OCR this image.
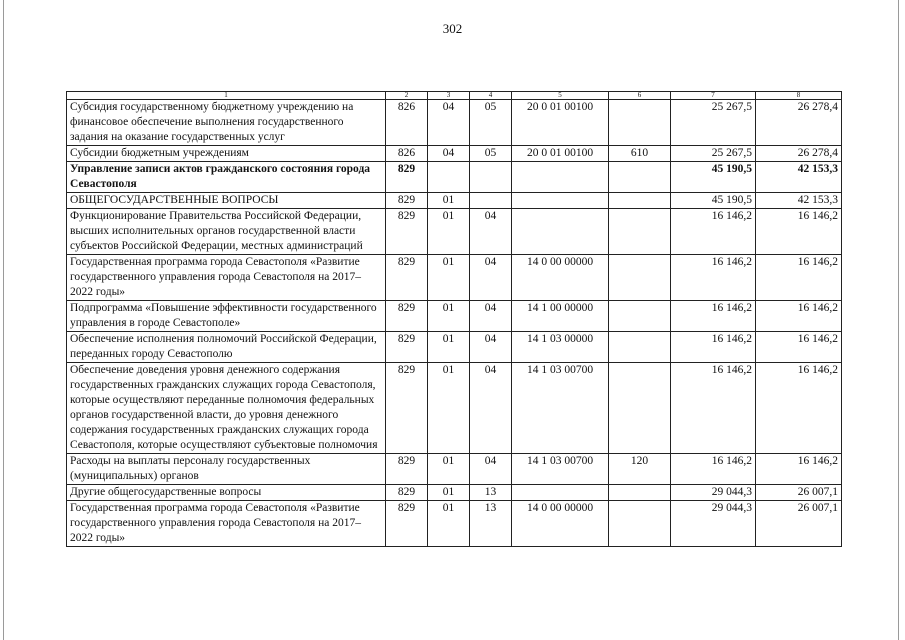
302
1	2	3	4	5	6	7	8
Субсидия государственному бюджетному учреждению на финансовое обеспечение выполнения государственного задания на оказание государственных услуг	826	04	05	20 0 01 00100		25 267,5	26 278,4
Субсидии бюджетным учреждениям	826	04	05	20 0 01 00100	610	25 267,5	26 278,4
Управление записи актов гражданского состояния города Севастополя	829					45 190,5	42 153,3
ОБЩЕГОСУДАРСТВЕННЫЕ ВОПРОСЫ	829	01				45 190,5	42 153,3
Функционирование Правительства Российской Федерации, высших исполнительных органов государственной власти субъектов Российской Федерации, местных администраций	829	01	04			16 146,2	16 146,2
Государственная программа города Севастополя «Развитие государственного управления города Севастополя на 2017–2022 годы»	829	01	04	14 0 00 00000		16 146,2	16 146,2
Подпрограмма «Повышение эффективности государственного управления в городе Севастополе»	829	01	04	14 1 00 00000		16 146,2	16 146,2
Обеспечение исполнения полномочий Российской Федерации, переданных городу Севастополю	829	01	04	14 1 03 00000		16 146,2	16 146,2
Обеспечение доведения уровня денежного содержания государственных гражданских служащих города Севастополя, которые осуществляют переданные полномочия федеральных органов государственной власти, до уровня денежного содержания государственных гражданских служащих города Севастополя, которые осуществляют субъектовые полномочия	829	01	04	14 1 03 00700		16 146,2	16 146,2
Расходы на выплаты персоналу государственных (муниципальных) органов	829	01	04	14 1 03 00700	120	16 146,2	16 146,2
Другие общегосударственные вопросы	829	01	13			29 044,3	26 007,1
Государственная программа города Севастополя «Развитие государственного управления города Севастополя на 2017–2022 годы»	829	01	13	14 0 00 00000		29 044,3	26 007,1
